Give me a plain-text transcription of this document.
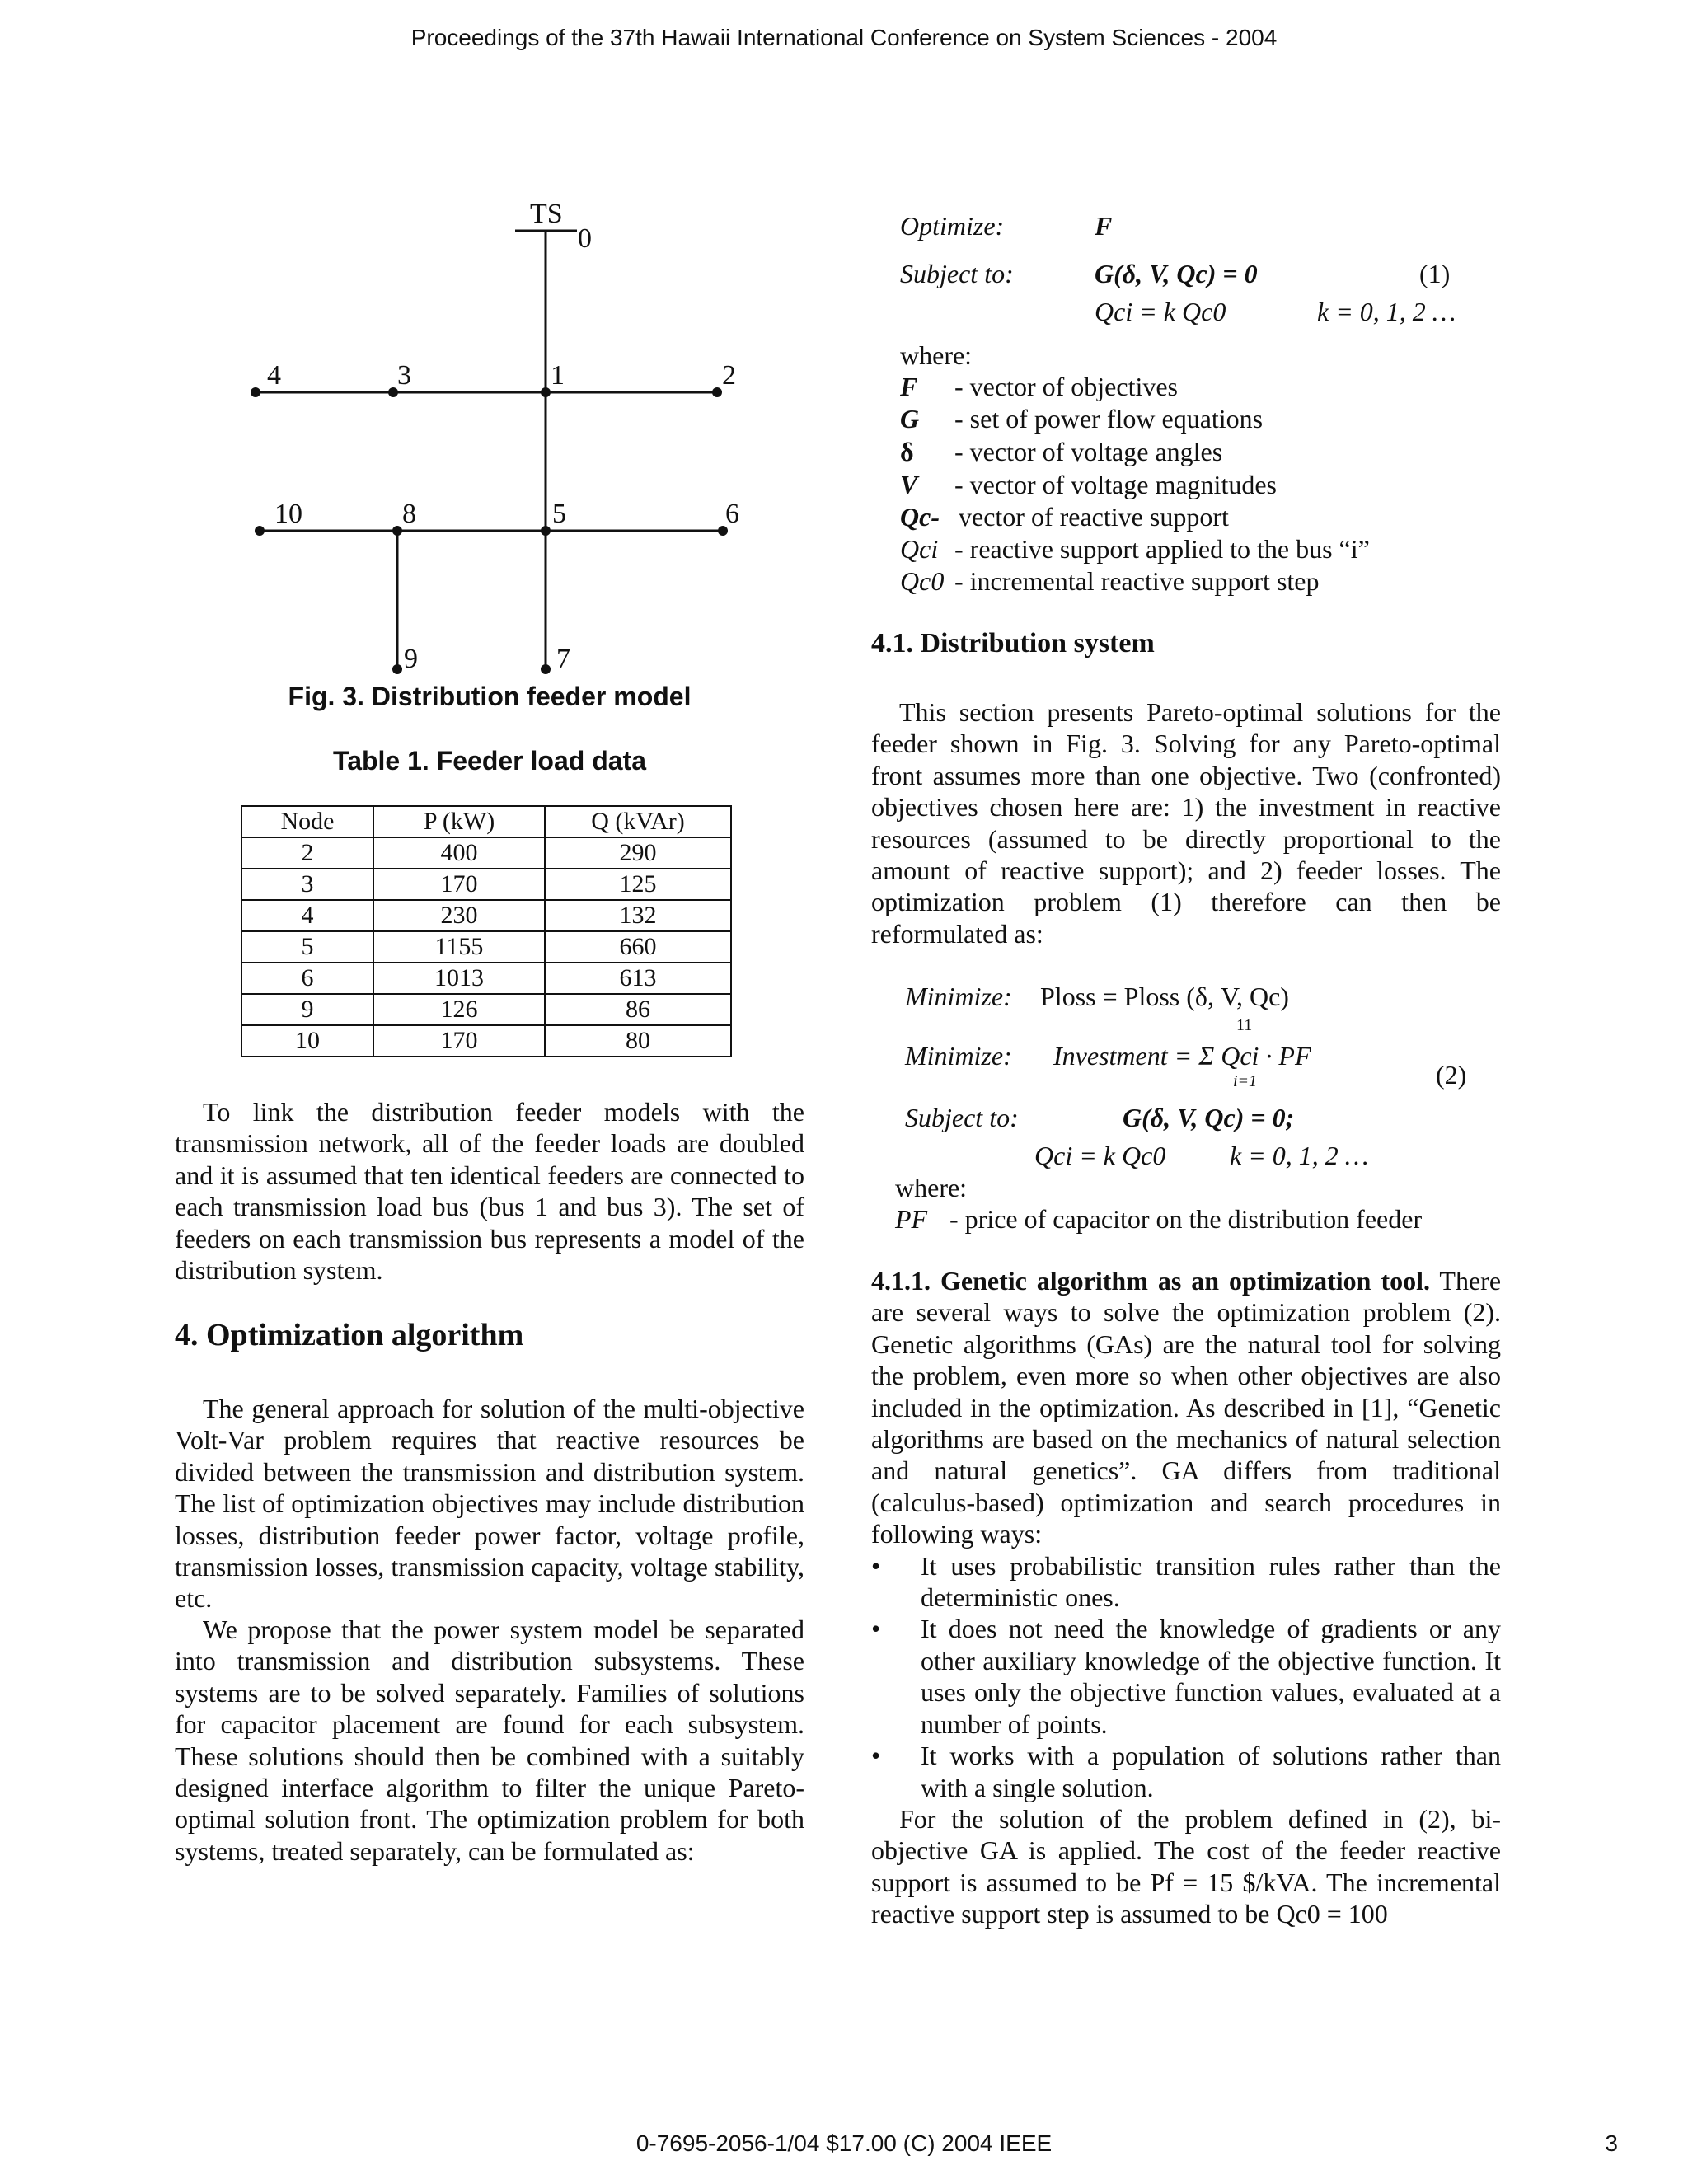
Proceedings of the 37th Hawaii International Conference on System Sciences - 2004
TS
0
4	3	1	2
10	8	5	6
9	7
Fig. 3. Distribution feeder model
Table 1. Feeder load data
Node	P (kW)	Q (kVAr)
2	400	290
3	170	125
4	230	132
5	1155	660
6	1013	613
9	126	86
10	170	80

To link the distribution feeder models with the transmission network, all of the feeder loads are doubled and it is assumed that ten identical feeders are connected to each transmission load bus (bus 1 and bus 3). The set of feeders on each transmission bus represents a model of the distribution system.

4. Optimization algorithm

The general approach for solution of the multi-objective Volt-Var problem requires that reactive resources be divided between the transmission and distribution system. The list of optimization objectives may include distribution losses, distribution feeder power factor, voltage profile, transmission losses, transmission capacity, voltage stability, etc.

We propose that the power system model be separated into transmission and distribution subsystems. These systems are to be solved separately. Families of solutions for capacitor placement are found for each subsystem. These solutions should then be combined with a suitably designed interface algorithm to filter the unique Pareto-optimal solution front. The optimization problem for both systems, treated separately, can be formulated as:

Optimize:	F
Subject to:	G(δ, V, Qc) = 0	(1)
Qci = k Qc0	k = 0, 1, 2 …
where:
F - vector of objectives
G - set of power flow equations
δ - vector of voltage angles
V - vector of voltage magnitudes
Qc- vector of reactive support
Qci - reactive support applied to the bus “i”
Qc0 - incremental reactive support step
4.1. Distribution system

This section presents Pareto-optimal solutions for the feeder shown in Fig. 3. Solving for any Pareto-optimal front assumes more than one objective. Two (confronted) objectives chosen here are: 1) the investment in reactive resources (assumed to be directly proportional to the amount of reactive support); and 2) feeder losses. The optimization problem (1) therefore can then be reformulated as:

Minimize: Ploss = Ploss (δ, V, Qc)
Minimize: Investment = Σ Qci · PF
11
i=1	(2)
Subject to:	G(δ, V, Qc) = 0;
Qci = k Qc0 k = 0, 1, 2 …
where:
PF - price of capacitor on the distribution feeder

4.1.1. Genetic algorithm as an optimization tool. There are several ways to solve the optimization problem (2). Genetic algorithms (GAs) are the natural tool for solving the problem, even more so when other objectives are also included in the optimization. As described in [1], “Genetic algorithms are based on the mechanics of natural selection and natural genetics”. GA differs from traditional (calculus-based) optimization and search procedures in following ways:

• It uses probabilistic transition rules rather than the deterministic ones.
• It does not need the knowledge of gradients or any other auxiliary knowledge of the objective function. It uses only the objective function values, evaluated at a number of points.
• It works with a population of solutions rather than with a single solution.

For the solution of the problem defined in (2), bi-objective GA is applied. The cost of the feeder reactive support is assumed to be Pf = 15 $/kVA. The incremental reactive support step is assumed to be Qc0 = 100

0-7695-2056-1/04 $17.00 (C) 2004 IEEE	3
